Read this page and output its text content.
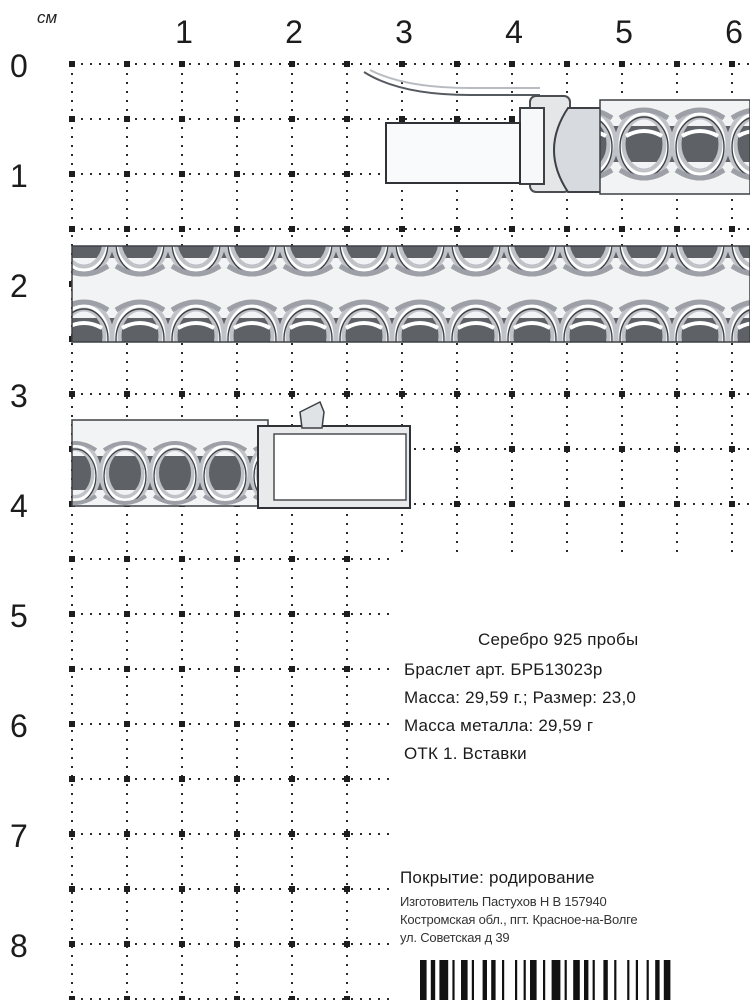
см	1	2	3	4	5	6
0
1
2
3
4
5
6
7
8
Серебро 925 пробы
Браслет арт. БРБ13023р
Масса: 29,59 г.; Размер: 23,0
Масса металла: 29,59 г
ОТК 1. Вставки
Покрытие: родирование
Изготовитель Пастухов Н В 157940
Костромская обл., пгт. Красное-на-Волге
ул. Советская д 39
